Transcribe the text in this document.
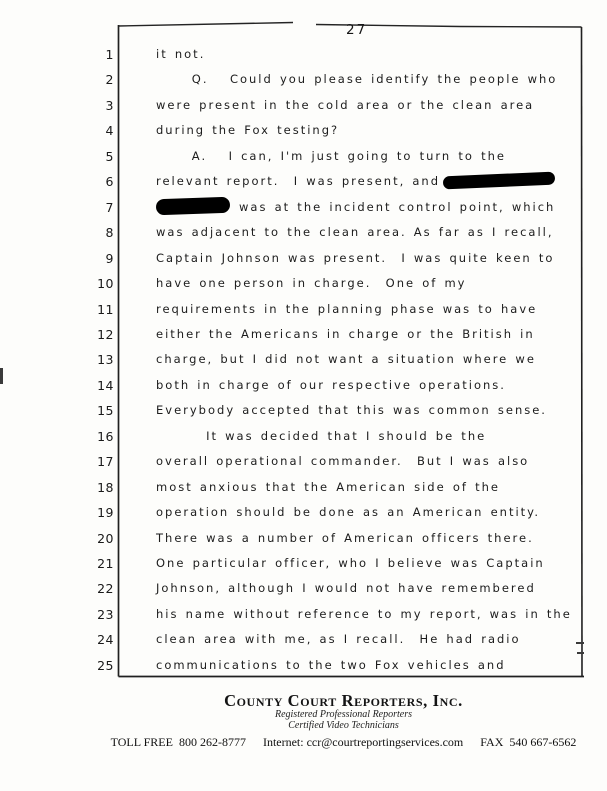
27
1	it not.
2	Q.   Could you please identify the people who
3	were present in the cold area or the clean area
4	during the Fox testing?
5	A.   I can, I'm just going to turn to the
6	relevant report.  I was present, and
7	was at the incident control point, which
8	was adjacent to the clean area. As far as I recall,
9	Captain Johnson was present.  I was quite keen to
10	have one person in charge.  One of my
11	requirements in the planning phase was to have
12	either the Americans in charge or the British in
13	charge, but I did not want a situation where we
14	both in charge of our respective operations.
15	Everybody accepted that this was common sense.
16	It was decided that I should be the
17	overall operational commander.  But I was also
18	most anxious that the American side of the
19	operation should be done as an American entity.
20	There was a number of American officers there.
21	One particular officer, who I believe was Captain
22	Johnson, although I would not have remembered
23	his name without reference to my report, was in the
24	clean area with me, as I recall.  He had radio
25	communications to the two Fox vehicles and
County Court Reporters, Inc.
Registered Professional Reporters
Certified Video Technicians
TOLL FREE  800 262-8777 Internet: ccr@courtreportingservices.com FAX  540 667-6562
